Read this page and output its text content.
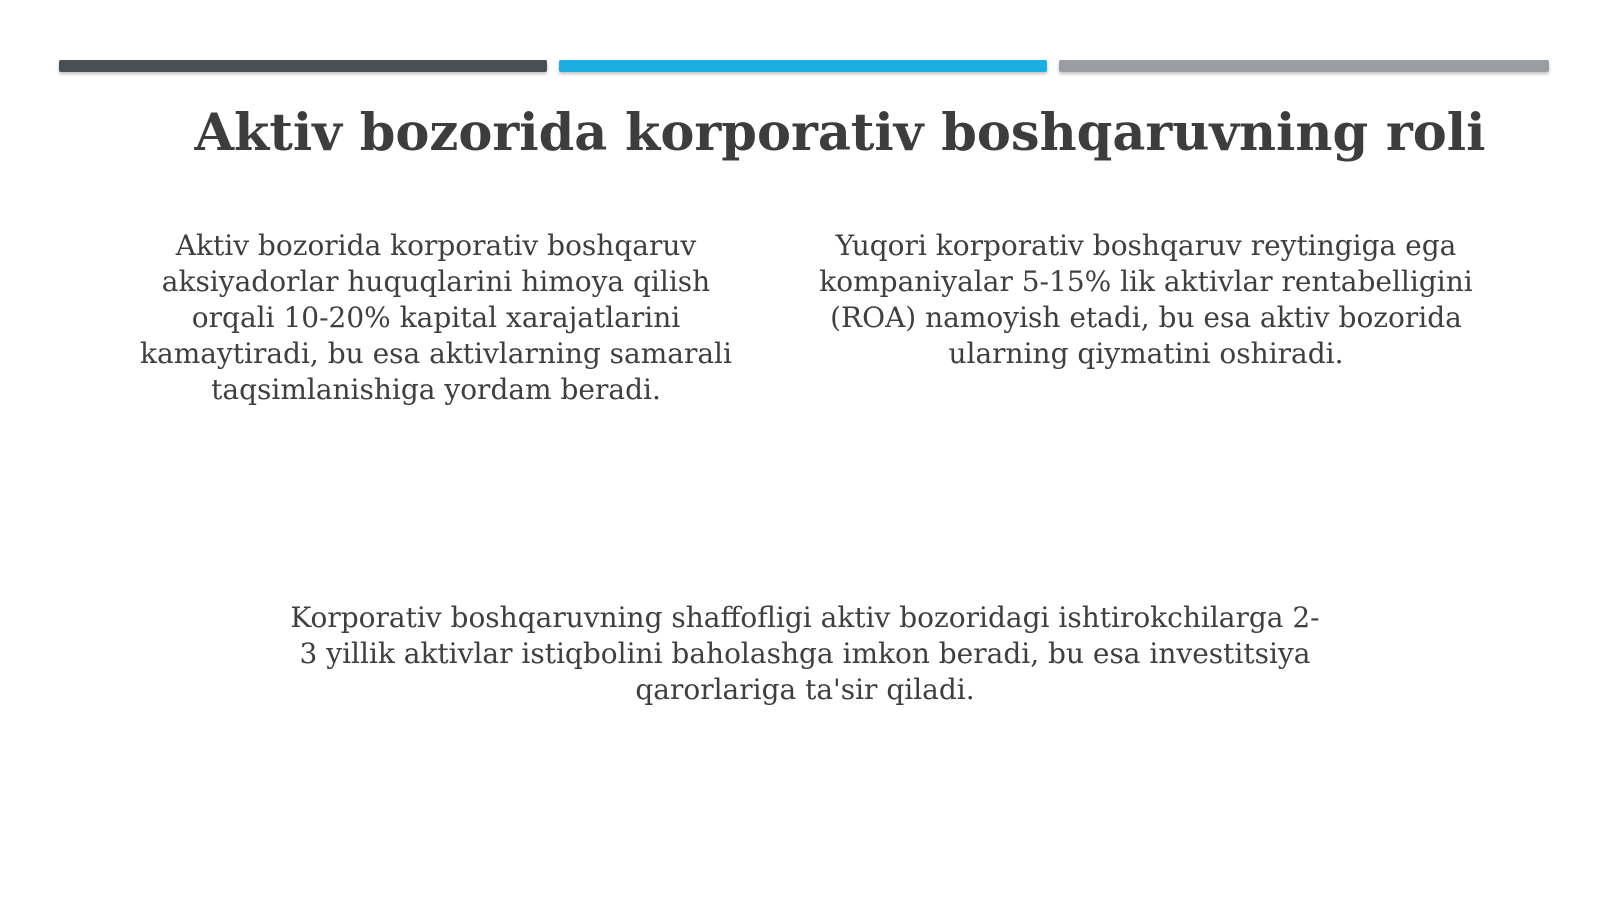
Aktiv bozorida korporativ boshqaruvning roli

Aktiv bozorida korporativ boshqaruv aksiyadorlar huquqlarini himoya qilish orqali 10-20% kapital xarajatlarini kamaytiradi, bu esa aktivlarning samarali taqsimlanishiga yordam beradi.

Yuqori korporativ boshqaruv reytingiga ega kompaniyalar 5-15% lik aktivlar rentabelligini (ROA) namoyish etadi, bu esa aktiv bozorida ularning qiymatini oshiradi.

Korporativ boshqaruvning shaffofligi aktiv bozoridagi ishtirokchilarga 2-3 yillik aktivlar istiqbolini baholashga imkon beradi, bu esa investitsiya qarorlariga ta'sir qiladi.
